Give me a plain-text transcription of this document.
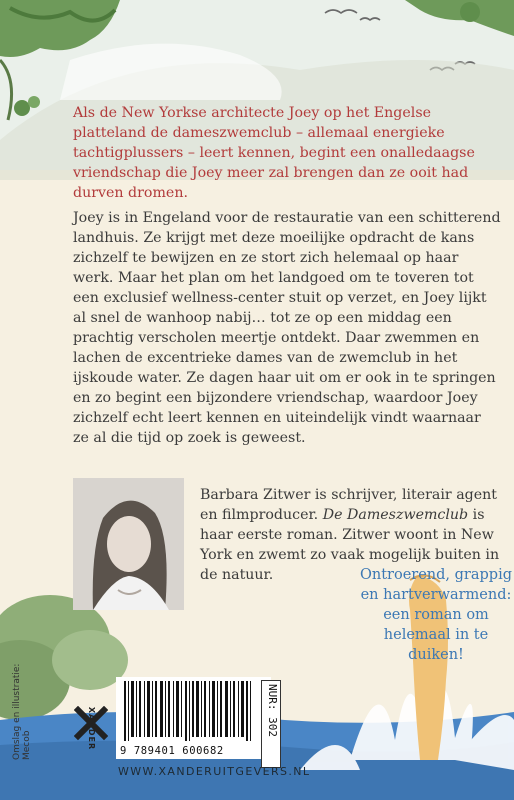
Als de New Yorkse architecte Joey op het Engelse platteland de dameszwemclub – allemaal energieke tachtigplussers – leert kennen, begint een onalledaagse vriendschap die Joey meer zal brengen dan ze ooit had durven dromen.
Joey is in Engeland voor de restauratie van een schitterend landhuis. Ze krijgt met deze moeilijke opdracht de kans zichzelf te bewijzen en ze stort zich helemaal op haar werk. Maar het plan om het landgoed om te toveren tot een exclusief wellness-center stuit op verzet, en Joey lijkt al snel de wanhoop nabij… tot ze op een middag een prachtig verscholen meertje ontdekt. Daar zwemmen en lachen de excentrieke dames van de zwemclub in het ijskoude water. Ze dagen haar uit om er ook in te springen en zo begint een bijzondere vriendschap, waardoor Joey zichzelf echt leert kennen en uiteindelijk vindt waarnaar ze al die tijd op zoek is geweest.
Barbara Zitwer is schrijver, literair agent en filmproducer. De Dameszwemclub is haar eerste roman. Zitwer woont in New York en zwemt zo vaak mogelijk buiten in de natuur.	Ontroerend, grappig en hartverwarmend: een roman om helemaal in te duiken!
Omslag en illustratie: Mecob	9 789401 600682
NUR: 302
XANDER
WWW.XANDERUITGEVERS.NL
